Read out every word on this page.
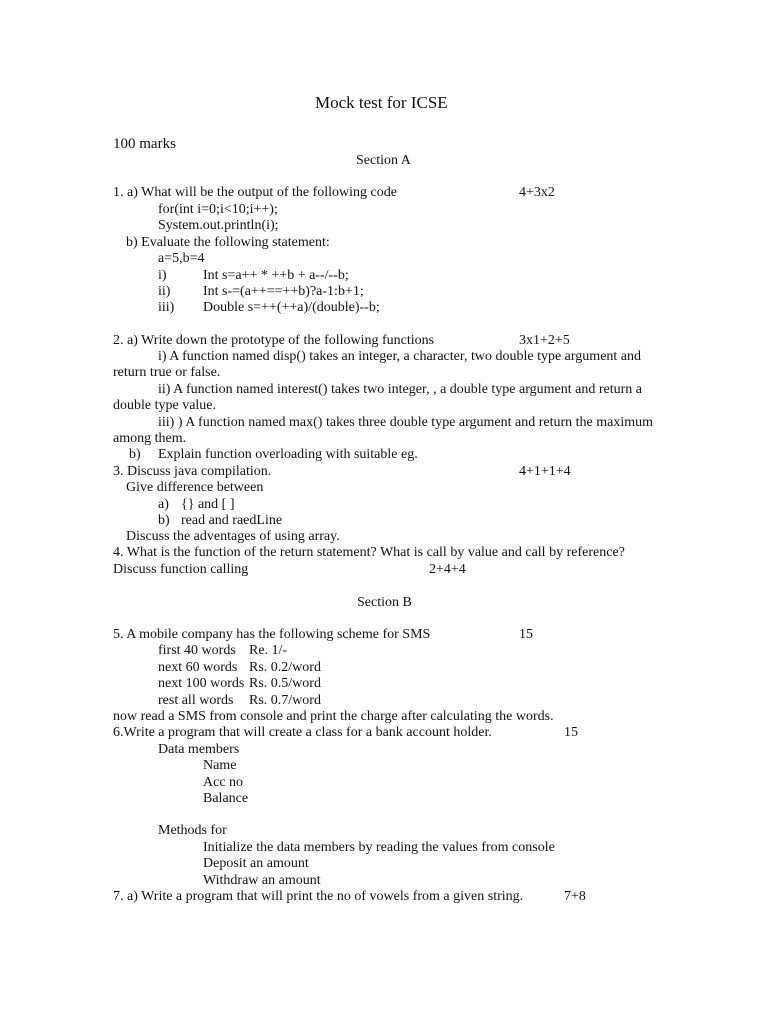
Mock test for ICSE
100 marks
Section A
1. a) What will be the output of the following code	4+3x2
for(int i=0;i<10;i++);
System.out.println(i);
b) Evaluate the following statement:
a=5,b=4
i)	Int s=a++ * ++b + a--/--b;
ii) Int s-=(a++==++b)?a-1:b+1;
iii) Double s=++(++a)/(double)--b;
2. a) Write down the prototype of the following functions	3x1+2+5
i) A function named disp() takes an integer, a character, two double type argument and
return true or false.
ii) A function named interest() takes two integer, , a double type argument and return a
double type value.
iii) ) A function named max() takes three double type argument and return the maximum
among them.
b) Explain function overloading with suitable eg.
3. Discuss java compilation.	4+1+1+4
Give difference between
a) {} and [ ]
b) read and raedLine
Discuss the adventages of using array.
4. What is the function of the return statement? What is call by value and call by reference?
Discuss function calling	2+4+4
Section B
5. A mobile company has the following scheme for SMS	15
first 40 words Re. 1/-
next 60 words Rs. 0.2/word
next 100 words Rs. 0.5/word
rest all words Rs. 0.7/word
now read a SMS from console and print the charge after calculating the words.
6.Write a program that will create a class for a bank account holder.	15
Data members
Name
Acc no
Balance
Methods for
Initialize the data members by reading the values from console
Deposit an amount
Withdraw an amount
7. a) Write a program that will print the no of vowels from a given string.	7+8
